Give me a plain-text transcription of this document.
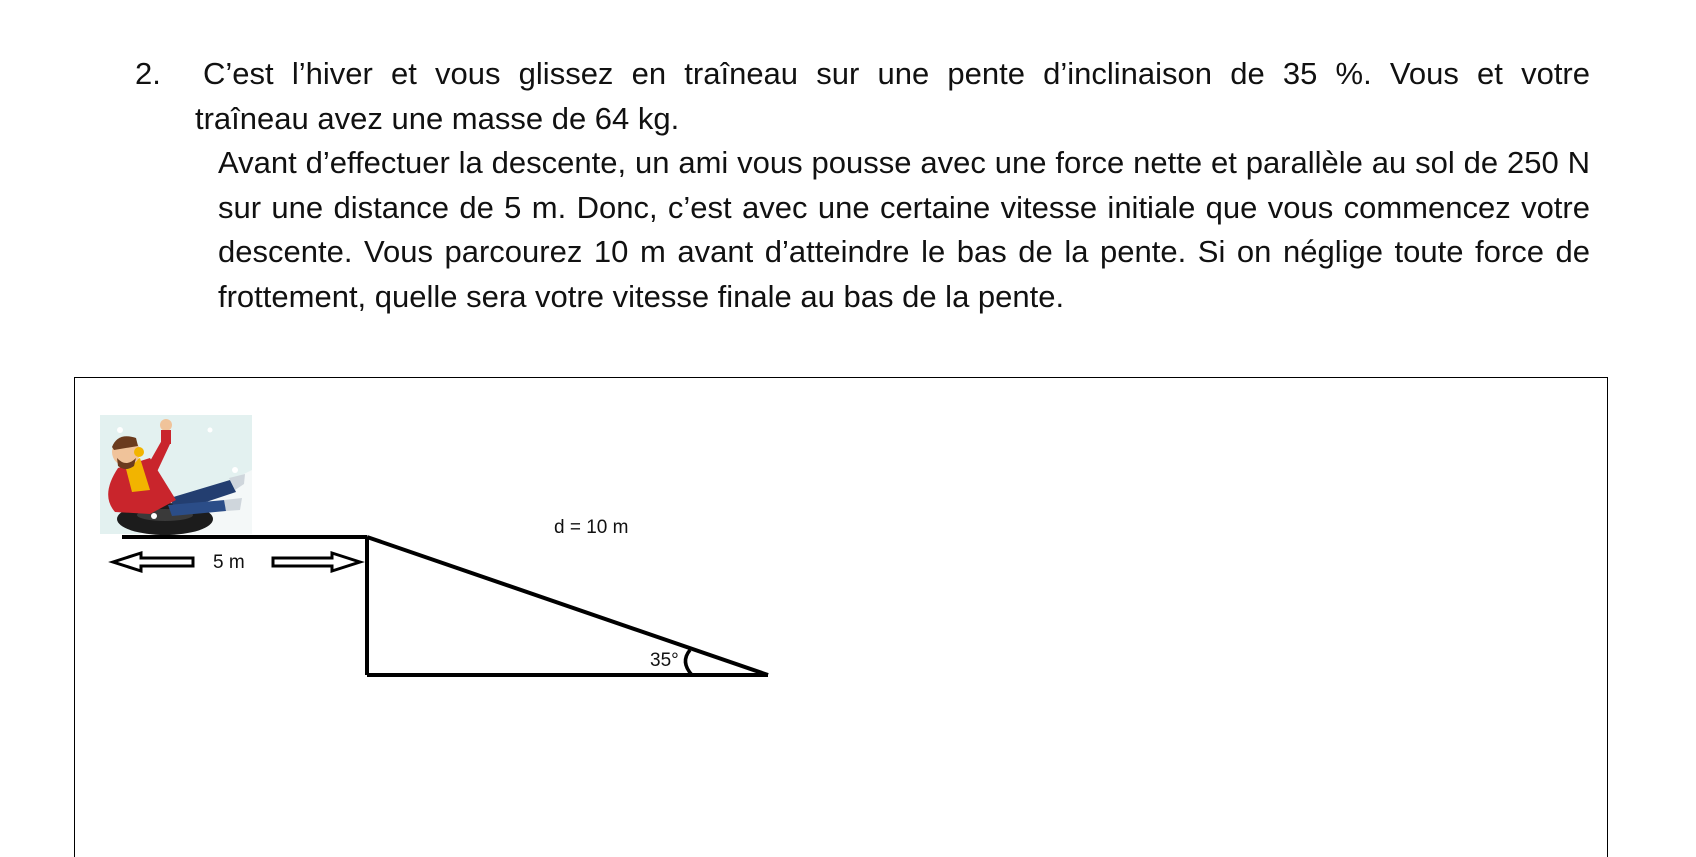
2.	C’est l’hiver et vous glissez en traîneau sur une pente d’inclinaison de 35 %. Vous et votre
traîneau avez une masse de 64 kg.
Avant d’effectuer la descente, un ami vous pousse avec une force nette et parallèle au sol de 250 N sur une distance de 5 m. Donc, c’est avec une certaine vitesse initiale que vous commencez votre descente. Vous parcourez 10 m avant d’atteindre le bas de la pente. Si on néglige toute force de frottement, quelle sera votre vitesse finale au bas de la pente.
5 m
d = 10 m
35°
